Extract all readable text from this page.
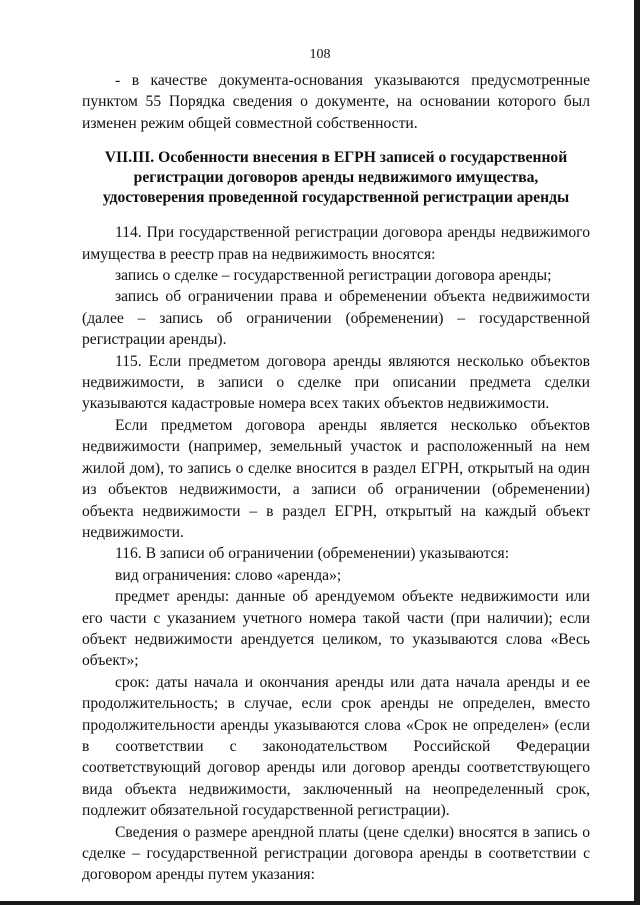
108

- в качестве документа-основания указываются предусмотренные пунктом 55 Порядка сведения о документе, на основании которого был изменен режим общей совместной собственности.

VII.III. Особенности внесения в ЕГРН записей о государственной регистрации договоров аренды недвижимого имущества, удостоверения проведенной государственной регистрации аренды

114. При государственной регистрации договора аренды недвижимого имущества в реестр прав на недвижимость вносятся:

запись о сделке – государственной регистрации договора аренды;

запись об ограничении права и обременении объекта недвижимости (далее – запись об ограничении (обременении) – государственной регистрации аренды).

115. Если предметом договора аренды являются несколько объектов недвижимости, в записи о сделке при описании предмета сделки указываются кадастровые номера всех таких объектов недвижимости.

Если предметом договора аренды является несколько объектов недвижимости (например, земельный участок и расположенный на нем жилой дом), то запись о сделке вносится в раздел ЕГРН, открытый на один из объектов недвижимости, а записи об ограничении (обременении) объекта недвижимости – в раздел ЕГРН, открытый на каждый объект недвижимости.

116. В записи об ограничении (обременении) указываются:

вид ограничения: слово «аренда»;

предмет аренды: данные об арендуемом объекте недвижимости или его части с указанием учетного номера такой части (при наличии); если объект недвижимости арендуется целиком, то указываются слова «Весь объект»;

срок: даты начала и окончания аренды или дата начала аренды и ее продолжительность; в случае, если срок аренды не определен, вместо продолжительности аренды указываются слова «Срок не определен» (если в соответствии с законодательством Российской Федерации соответствующий договор аренды или договор аренды соответствующего вида объекта недвижимости, заключенный на неопределенный срок, подлежит обязательной государственной регистрации).

Сведения о размере арендной платы (цене сделки) вносятся в запись о сделке – государственной регистрации договора аренды в соответствии с договором аренды путем указания:
